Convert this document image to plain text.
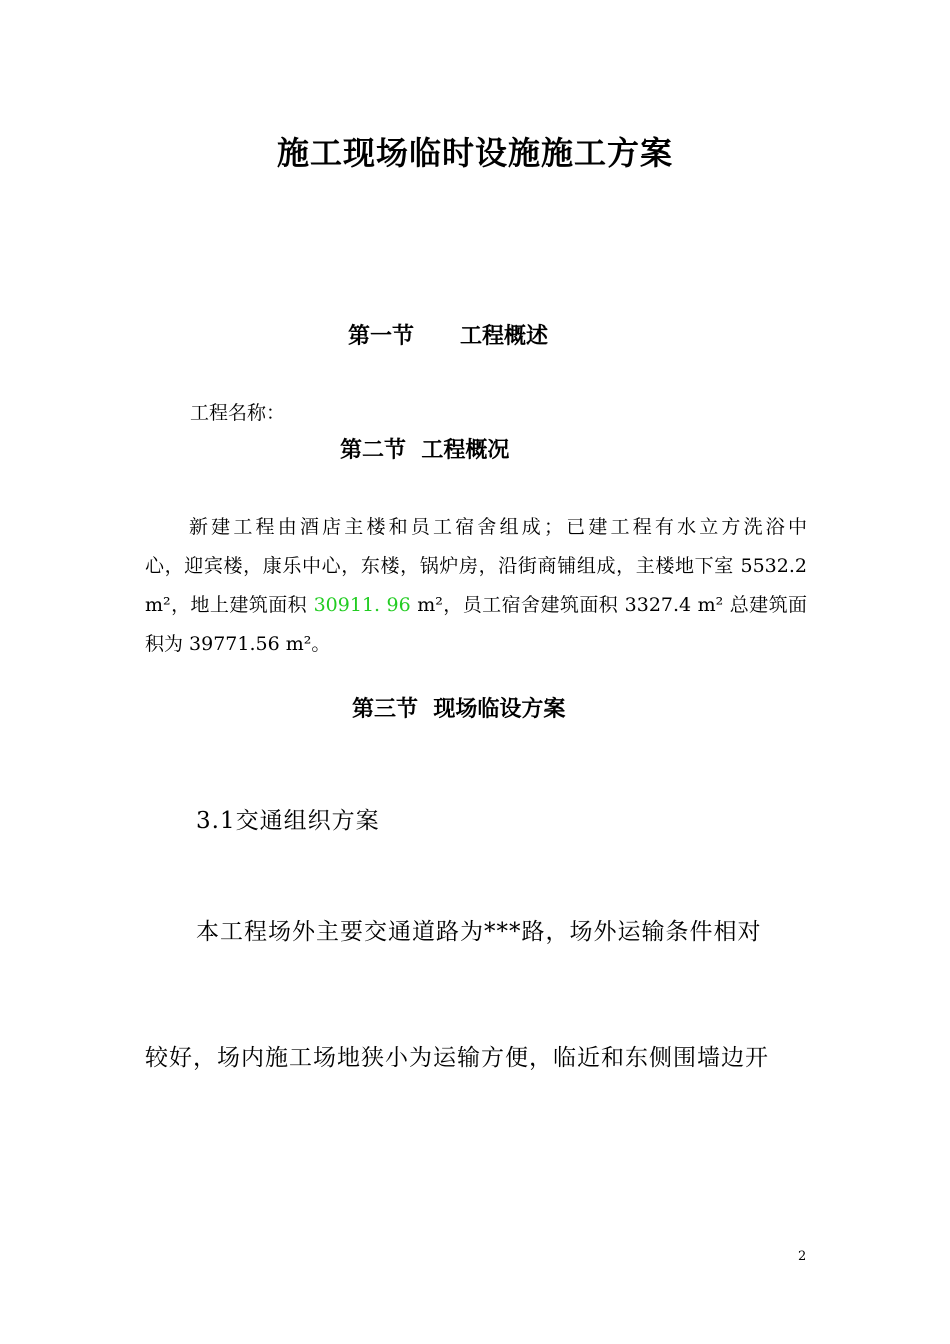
施工现场临时设施施工方案
第一节 工程概述
工程名称：
第二节  工程概况
新建工程由酒店主楼和员工宿舍组成；已建工程有水立方洗浴中
心，迎宾楼，康乐中心，东楼，锅炉房，沿街商铺组成，主楼地下室 5532.2
m²，地上建筑面积 30911. 96 m²，员工宿舍建筑面积 3327.4 m² 总建筑面
积为 39771.56 m²。
第三节  现场临设方案
3.1交通组织方案
本工程场外主要交通道路为***路，场外运输条件相对
较好，场内施工场地狭小为运输方便，临近和东侧围墙边开
2
